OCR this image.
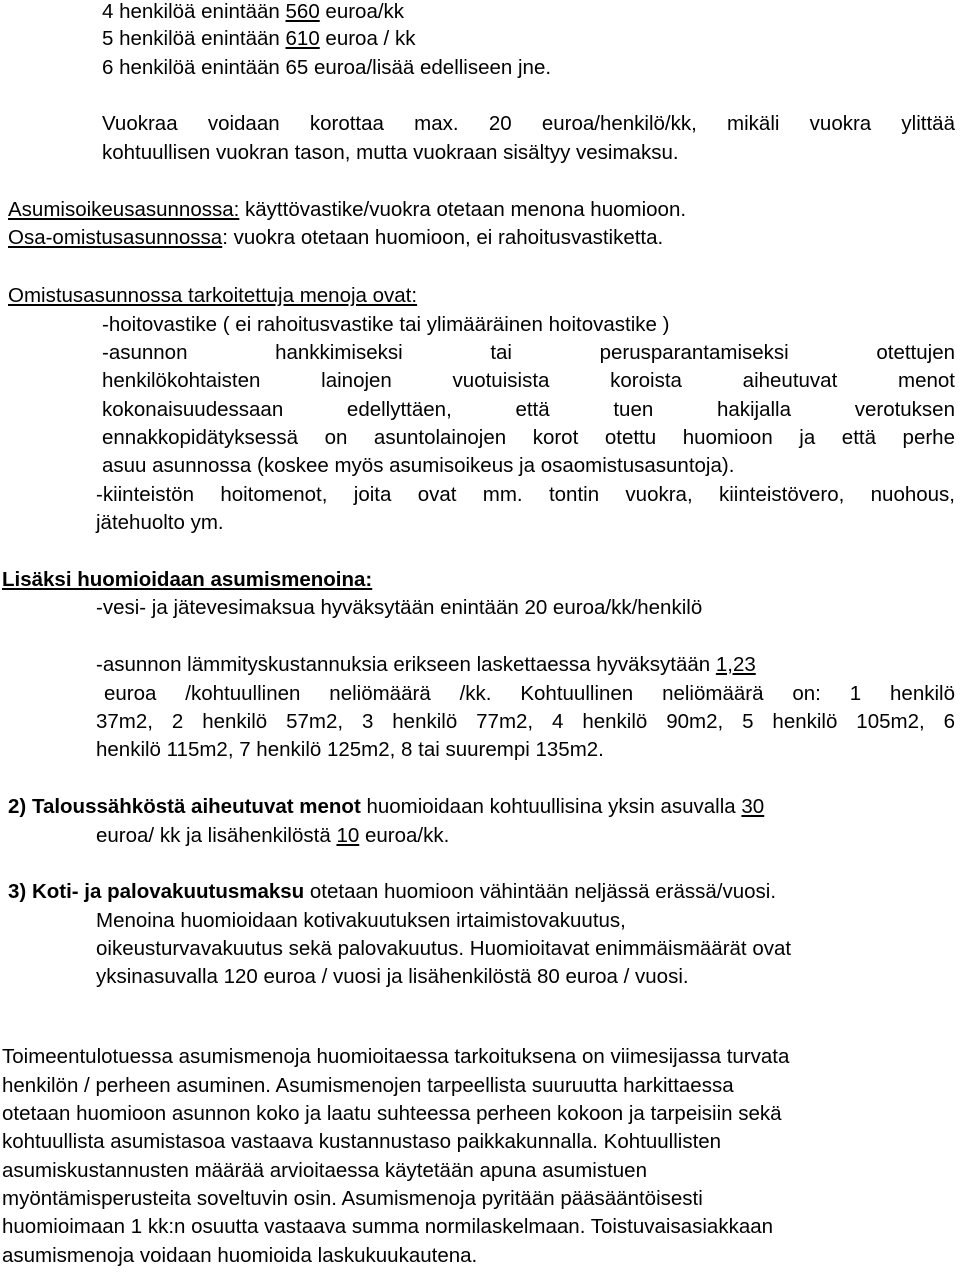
4 henkilöä enintään 560 euroa/kk
5 henkilöä enintään 610 euroa / kk
6 henkilöä enintään 65 euroa/lisää edelliseen jne.
Vuokraa voidaan korottaa max. 20 euroa/henkilö/kk, mikäli vuokra ylittää
kohtuullisen vuokran tason, mutta vuokraan sisältyy vesimaksu.
Asumisoikeusasunnossa: käyttövastike/vuokra otetaan menona huomioon.
Osa-omistusasunnossa: vuokra otetaan huomioon, ei rahoitusvastiketta.
Omistusasunnossa tarkoitettuja menoja ovat:
-hoitovastike ( ei rahoitusvastike tai ylimääräinen hoitovastike )
-asunnon hankkimiseksi tai perusparantamiseksi otettujen
henkilökohtaisten lainojen vuotuisista koroista aiheutuvat menot
kokonaisuudessaan edellyttäen, että tuen hakijalla verotuksen
ennakkopidätyksessä on asuntolainojen korot otettu huomioon ja että perhe
asuu asunnossa (koskee myös asumisoikeus ja osaomistusasuntoja).
-kiinteistön hoitomenot, joita ovat mm. tontin vuokra, kiinteistövero, nuohous,
jätehuolto ym.
Lisäksi huomioidaan asumismenoina:
-vesi- ja jätevesimaksua hyväksytään enintään 20 euroa/kk/henkilö
-asunnon lämmityskustannuksia erikseen laskettaessa hyväksytään 1,23
euroa /kohtuullinen neliömäärä /kk. Kohtuullinen neliömäärä on: 1 henkilö
37m2, 2 henkilö 57m2, 3 henkilö 77m2, 4 henkilö 90m2, 5 henkilö 105m2, 6
henkilö 115m2, 7 henkilö 125m2, 8 tai suurempi 135m2.
2) Taloussähköstä aiheutuvat menot huomioidaan kohtuullisina yksin asuvalla 30
euroa/ kk ja lisähenkilöstä 10 euroa/kk.
3) Koti- ja palovakuutusmaksu otetaan huomioon vähintään neljässä erässä/vuosi.
Menoina huomioidaan kotivakuutuksen irtaimistovakuutus,
oikeusturvavakuutus sekä palovakuutus. Huomioitavat enimmäismäärät ovat
yksinasuvalla 120 euroa / vuosi ja lisähenkilöstä 80 euroa / vuosi.
Toimeentulotuessa asumismenoja huomioitaessa tarkoituksena on viimesijassa turvata
henkilön / perheen asuminen. Asumismenojen tarpeellista suuruutta harkittaessa
otetaan huomioon asunnon koko ja laatu suhteessa perheen kokoon ja tarpeisiin sekä
kohtuullista asumistasoa vastaava kustannustaso paikkakunnalla. Kohtuullisten
asumiskustannusten määrää arvioitaessa käytetään apuna asumistuen
myöntämisperusteita soveltuvin osin. Asumismenoja pyritään pääsääntöisesti
huomioimaan 1 kk:n osuutta vastaava summa normilaskelmaan. Toistuvaisasiakkaan
asumismenoja voidaan huomioida laskukuukautena.
